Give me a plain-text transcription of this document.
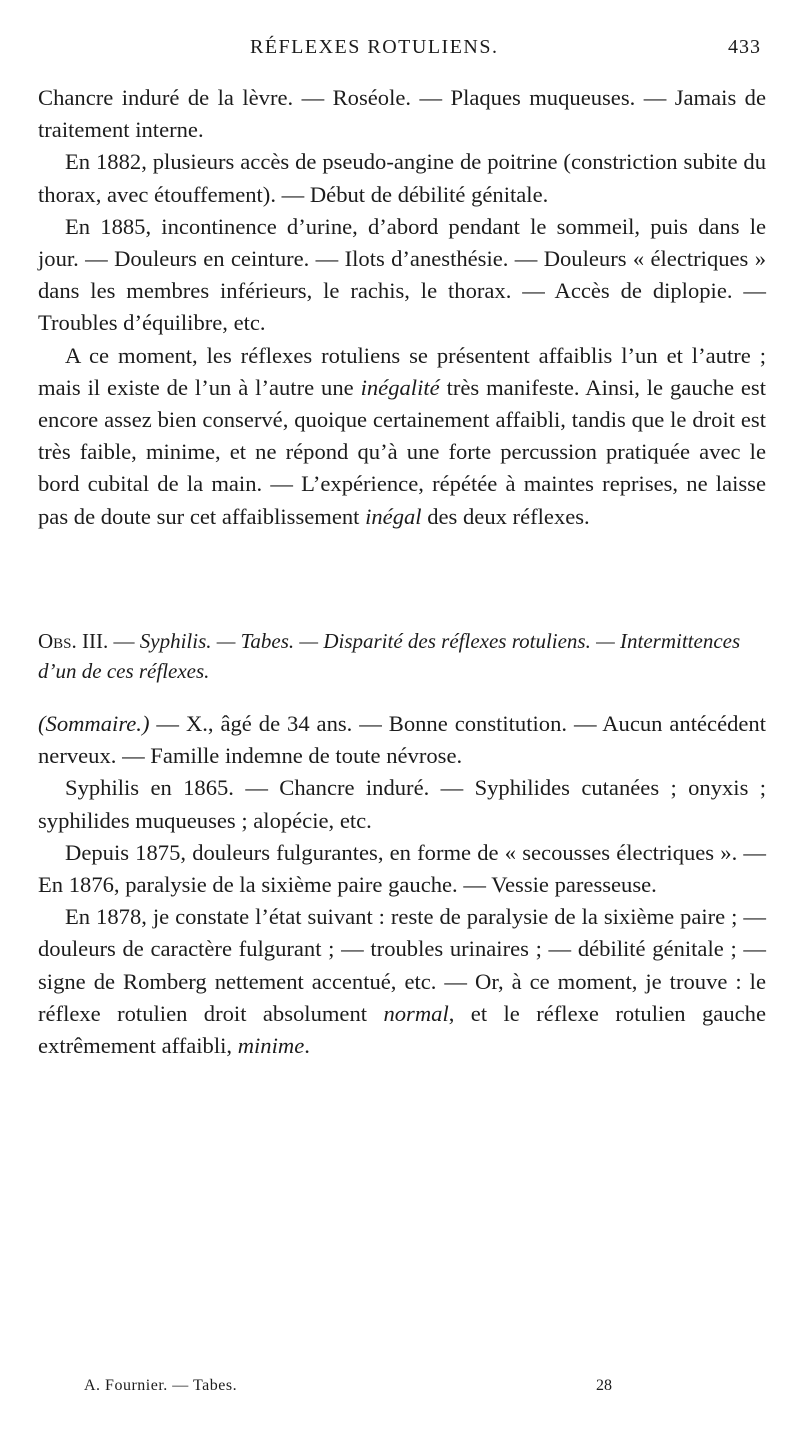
RÉFLEXES ROTULIENS.	433

Chancre induré de la lèvre. — Roséole. — Plaques muqueuses. — Jamais de traitement interne.

En 1882, plusieurs accès de pseudo-angine de poitrine (constriction subite du thorax, avec étouffement). — Début de débilité génitale.

En 1885, incontinence d’urine, d’abord pendant le sommeil, puis dans le jour. — Douleurs en ceinture. — Ilots d’anesthésie. — Douleurs « électriques » dans les membres inférieurs, le rachis, le thorax. — Accès de diplopie. — Troubles d’équilibre, etc.

A ce moment, les réflexes rotuliens se présentent affaiblis l’un et l’autre ; mais il existe de l’un à l’autre une inégalité très manifeste. Ainsi, le gauche est encore assez bien conservé, quoique certainement affaibli, tandis que le droit est très faible, minime, et ne répond qu’à une forte percussion pratiquée avec le bord cubital de la main. — L’expérience, répétée à maintes reprises, ne laisse pas de doute sur cet affaiblissement inégal des deux réflexes.

Obs. III. — Syphilis. — Tabes. — Disparité des réflexes rotuliens. — Intermittences d’un de ces réflexes.

(Sommaire.) — X., âgé de 34 ans. — Bonne constitution. — Aucun antécédent nerveux. — Famille indemne de toute névrose.

Syphilis en 1865. — Chancre induré. — Syphilides cutanées ; onyxis ; syphilides muqueuses ; alopécie, etc.

Depuis 1875, douleurs fulgurantes, en forme de « secousses électriques ». — En 1876, paralysie de la sixième paire gauche. — Vessie paresseuse.

En 1878, je constate l’état suivant : reste de paralysie de la sixième paire ; — douleurs de caractère fulgurant ; — troubles urinaires ; — débilité génitale ; — signe de Romberg nettement accentué, etc. — Or, à ce moment, je trouve : le réflexe rotulien droit absolument normal, et le réflexe rotulien gauche extrêmement affaibli, minime.

A. Fournier. — Tabes.	28
